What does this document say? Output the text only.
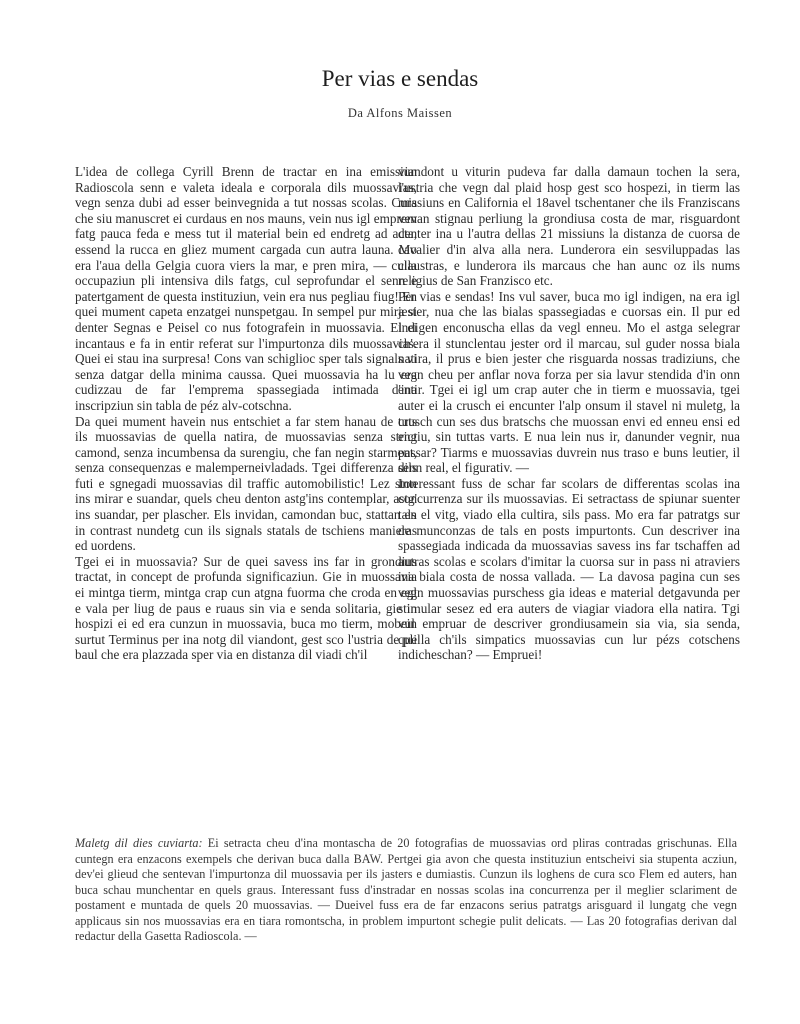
Per vias e sendas
Da Alfons Maissen

L'idea de collega Cyrill Brenn de tractar en ina emissiun Radioscola senn e valeta ideala e corporala dils muossavias, vegn senza dubi ad esser beinvegnida a tut nossas scolas. Cura che siu manuscret ei curdaus en nos mauns, vein nus igl emprem fatg pauca feda e mess tut il material bein ed endretg ad acta, essend la rucca en gliez mument cargada cun autra launa. Mo era l'aua della Gelgia cuora viers la mar, e pren mira, — culla occupaziun pli intensiva dils fatgs, cul seprofundar el senn e patertgament de questa instituziun, vein era nus pegliau fiug! En quei mument capeta enzatgei nunspetgau. In sempel pur mira si denter Segnas e Peisel co nus fotografein in muossavia. El ei incantaus e fa in entir referat sur l'impurtonza dils muossavias. Quei ei stau ina surpresa! Cons van schiglioc sper tals signals vi senza datgar della minima caussa. Quei muossavia ha lu era cudizzau de far l'emprema spassegiada intimada d'ina inscripziun sin tabla de péz alv-cotschna.

Da quei mument havein nus entschiet a far stem hanau de tuts ils muossavias de quella natira, de muossavias senza strict camond, senza incumbensa da surengiu, che fan negin starment, senza consequenzas e malemperneivladads. Tgei differenza dils futi e sgnegadi muossavias dil traffic automobilistic! Lez ston ins mirar e suandar, quels cheu denton astg'ins contemplar, astg' ins suandar, per plascher. Els invidan, camondan buc, stattan en in contrast nundetg cun ils signals statals de tschiens manieras ed uordens.

Tgei ei in muossavia? Sur de quei savess ins far in grondius tractat, in concept de profunda significaziun. Gie in muossavia ei mintga tierm, mintga crap cun atgna fuorma che croda en egl e vala per liug de paus e ruaus sin via e senda solitaria, gie in hospizi ei ed era cunzun in muossavia, buca mo tierm, mobein surtut Terminus per ina notg dil viandont, gest sco l'ustria de pli baul che era plazzada sper via en distanza dil viadi ch'il

viandont u viturin pudeva far dalla damaun tochen la sera, l'ustria che vegn dal plaid hosp gest sco hospezi, in tierm las missiuns en California el 18avel tschentaner che ils Franziscans vevan stignau perliung la grondiusa costa de mar, risguardont denter ina u l'autra dellas 21 missiuns la distanza de cuorsa de cavalier d'in alva alla nera. Lunderora ein sesviluppadas las claustras, e lunderora ils marcaus che han aunc oz ils nums religius de San Franzisco etc.

Per vias e sendas! Ins vul saver, buca mo igl indigen, na era igl jester, nua che las bialas spassegiadas e cuorsas ein. Il pur ed indigen enconuscha ellas da vegl enneu. Mo el astga selegrar ch'era il stunclentau jester ord il marcau, sul guder nossa biala natira, il prus e bien jester che risguarda nossas tradiziuns, che vegn cheu per anflar nova forza per sia lavur stendida d'in onn entir. Tgei ei igl um crap auter che in tierm e muossavia, tgei auter ei la crusch ei encunter l'alp onsum il stavel ni muletg, la crusch cun ses dus bratschs che muossan envi ed enneu ensi ed engiu, sin tuttas varts. E nua lein nus ir, danunder vegnir, nua passar? Tiarms e muossavias duvrein nus traso e buns leutier, il senn real, el figurativ. —

Interessant fuss de schar far scolars de differentas scolas ina concurrenza sur ils muossavias. Ei setractass de spiunar suenter tals el vitg, viado ella cultira, sils pass. Mo era far patratgs sur de munconzas de tals en posts impurtonts. Cun descriver ina spassegiada indicada da muossavias savess ins far tschaffen ad autras scolas e scolars d'imitar la cuorsa sur in pass ni atraviers ina biala costa de nossa vallada. — La davosa pagina cun ses vegn muossavias purschess gia ideas e material detgavunda per stimular sesez ed era auters de viagiar viadora ella natira. Tgi vul empruar de descriver grondiusamein sia via, sia senda, quella ch'ils simpatics muossavias cun lur pézs cotschens indicheschan? — Empruei!

Maletg dil dies cuviarta: Ei setracta cheu d'ina montascha de 20 fotografias de muossavias ord pliras contradas grischunas. Ella cuntegn era enzacons exempels che derivan buca dalla BAW. Pertgei gia avon che questa instituziun entscheivi sia stupenta acziun, dev'ei glieud che sentevan l'impurtonza dil muossavia per ils jasters e dumiastis. Cunzun ils loghens de cura sco Flem ed auters, han buca schau munchentar en quels graus. Interessant fuss d'instradar en nossas scolas ina concurrenza per il meglier sclariment de postament e muntada de quels 20 muossavias. — Dueivel fuss era de far enzacons serius patratgs arisguard il lungatg che vegn applicaus sin nos muossavias era en tiara romontscha, in problem impurtont schegie pulit delicats. — Las 20 fotografias derivan dal redactur della Gasetta Radioscola. —
